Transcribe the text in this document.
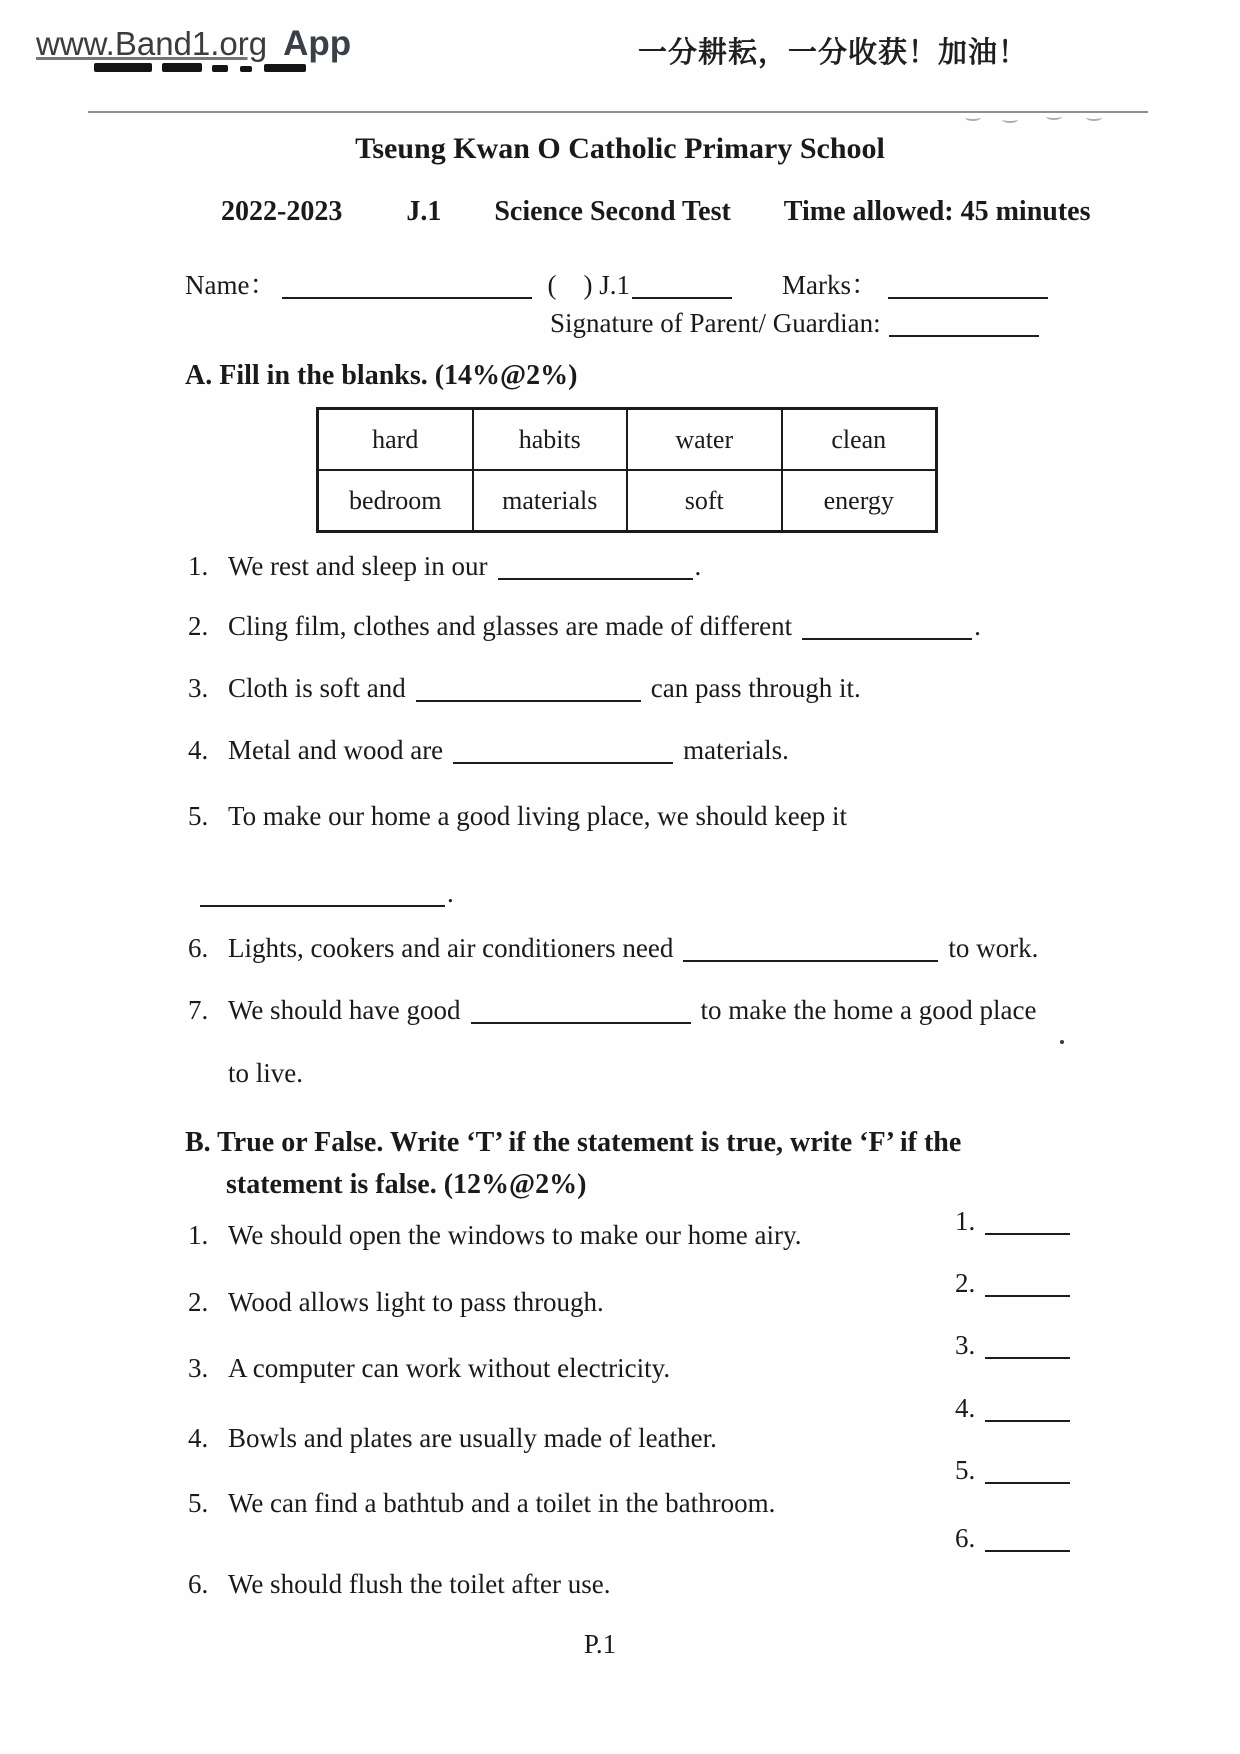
www.Band1.org App	一分耕耘，一分收获！加油！
Tseung Kwan O Catholic Primary School
2022-2023 J.1 Science Second Test Time allowed: 45 minutes
Name：	(    ) J.1	Marks：
Signature of Parent/ Guardian:
A. Fill in the blanks. (14%@2%)
hard	habits	water	clean
bedroom	materials	soft	energy
1. We rest and sleep in our	.
2. Cling film, clothes and glasses are made of different	.
3. Cloth is soft and	can pass through it.
4. Metal and wood are	materials.
5. To make our home a good living place, we should keep it
.
6. Lights, cookers and air conditioners need	to work.
7. We should have good	to make the home a good place
to live.
B. True or False. Write ‘T’ if the statement is true, write ‘F’ if the
statement is false. (12%@2%)
1. We should open the windows to make our home airy.
2. Wood allows light to pass through.
3. A computer can work without electricity.
4. Bowls and plates are usually made of leather.
5. We can find a bathtub and a toilet in the bathroom.
6. We should flush the toilet after use.
1.
2.
3.
4.
5.
6.
P.1
